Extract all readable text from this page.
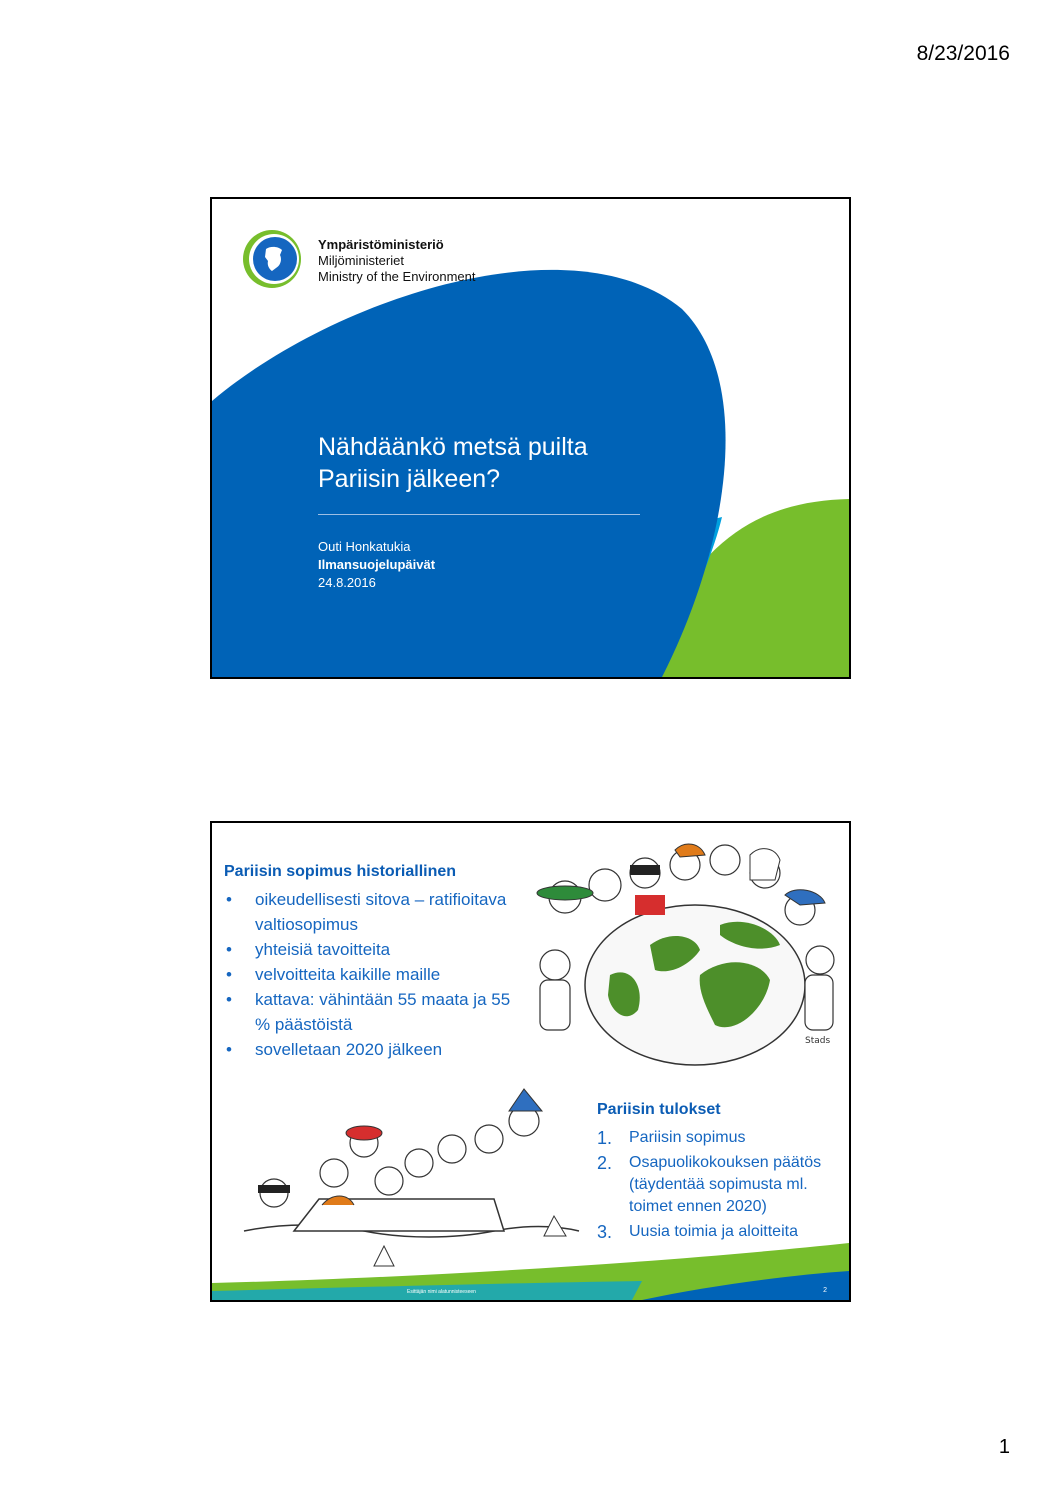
8/23/2016
Ympäristöministeriö
Miljöministeriet
Ministry of the Environment
Nähdäänkö metsä puilta
Pariisin jälkeen?
Outi Honkatukia
Ilmansuojelupäivät
24.8.2016
Pariisin sopimus historiallinen
• oikeudellisesti sitova – ratifioitava valtiosopimus
• yhteisiä tavoitteita
• velvoitteita kaikille maille
• kattava: vähintään 55 maata ja 55 % päästöistä
• sovelletaan 2020 jälkeen	Stads
Pariisin tulokset
1. Pariisin sopimus
2. Osapuolikokouksen päätös (täydentää sopimusta ml. toimet ennen 2020)
3. Uusia toimia ja aloitteita
Esittäjän nimi alatunnisteeseen	2
1
